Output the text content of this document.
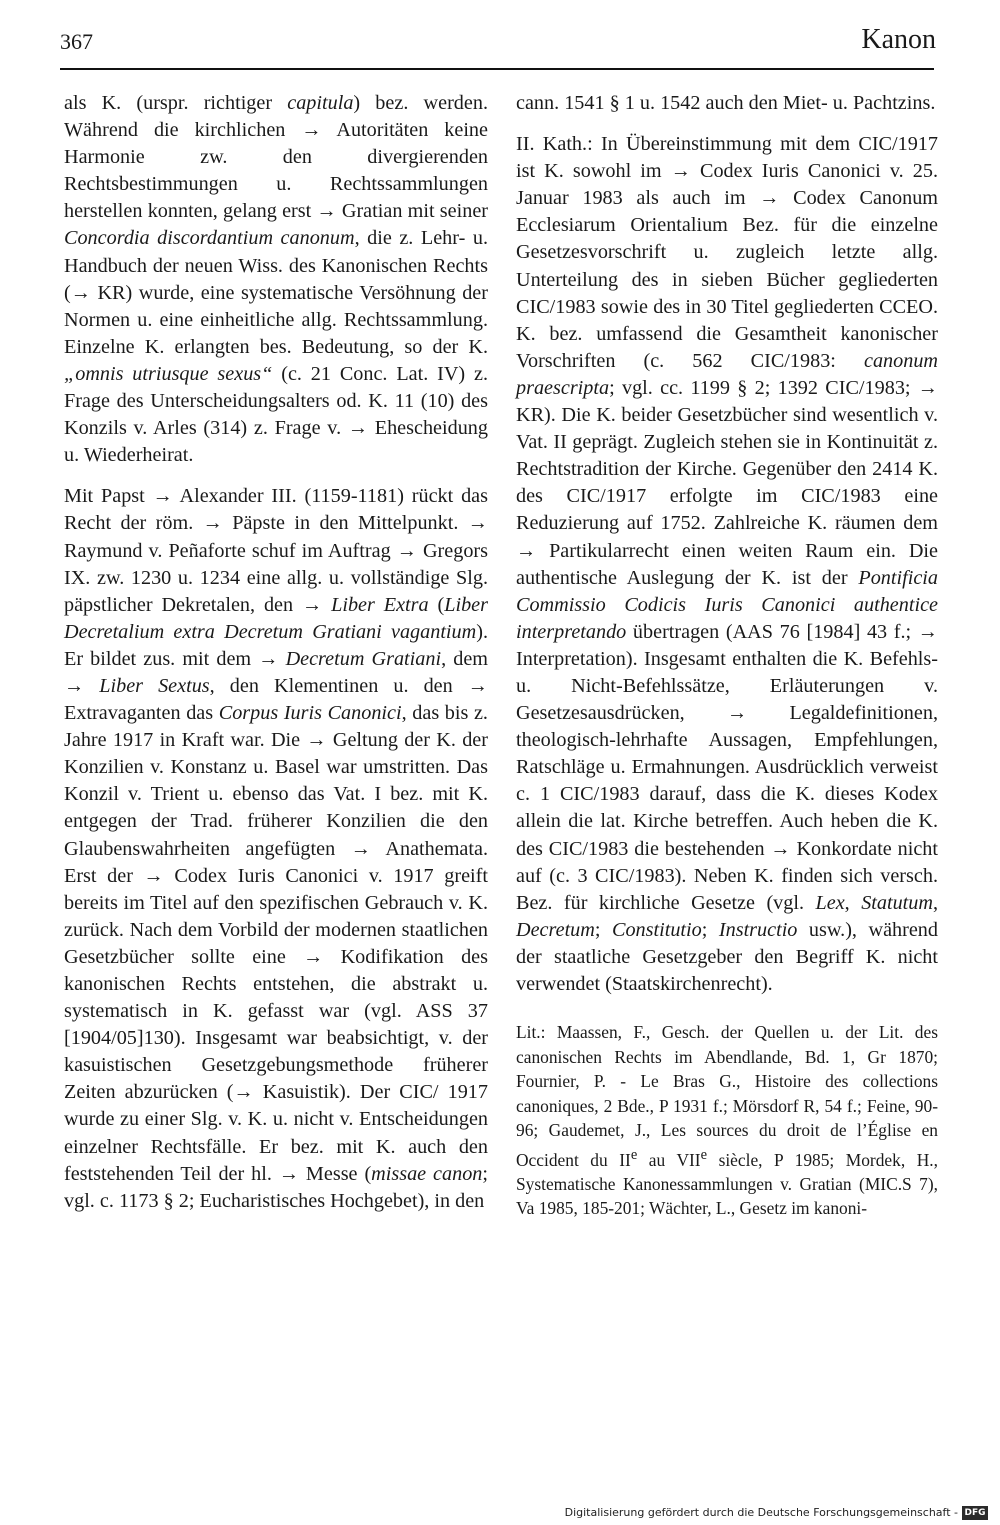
367	Kanon

als K. (urspr. richtiger capitula) bez. werden. Während die kirchlichen → Autoritäten keine Harmonie zw. den divergierenden Rechtsbestimmungen u. Rechtssammlungen herstellen konnten, gelang erst → Gratian mit seiner Concordia discordantium canonum, die z. Lehr- u. Handbuch der neuen Wiss. des Kanonischen Rechts (→ KR) wurde, eine systematische Versöhnung der Normen u. eine einheitliche allg. Rechtssammlung. Einzelne K. erlangten bes. Bedeutung, so der K. „omnis utriusque sexus“ (c. 21 Conc. Lat. IV) z. Frage des Unterscheidungsalters od. K. 11 (10) des Konzils v. Arles (314) z. Frage v. → Ehescheidung u. Wiederheirat.

Mit Papst → Alexander III. (1159-1181) rückt das Recht der röm. → Päpste in den Mittelpunkt. → Raymund v. Peñaforte schuf im Auftrag → Gregors IX. zw. 1230 u. 1234 eine allg. u. vollständige Slg. päpstlicher Dekretalen, den → Liber Extra (Liber Decretalium extra Decretum Gratiani vagantium). Er bildet zus. mit dem → Decretum Gratiani, dem → Liber Sextus, den Klementinen u. den → Extravaganten das Corpus Iuris Canonici, das bis z. Jahre 1917 in Kraft war. Die → Geltung der K. der Konzilien v. Konstanz u. Basel war umstritten. Das Konzil v. Trient u. ebenso das Vat. I bez. mit K. entgegen der Trad. früherer Konzilien die den Glaubenswahrheiten angefügten → Anathemata. Erst der → Codex Iuris Canonici v. 1917 greift bereits im Titel auf den spezifischen Gebrauch v. K. zurück. Nach dem Vorbild der modernen staatlichen Gesetzbücher sollte eine → Kodifikation des kanonischen Rechts entstehen, die abstrakt u. systematisch in K. gefasst war (vgl. ASS 37 [1904/05]130). Insgesamt war beabsichtigt, v. der kasuistischen Gesetzgebungsmethode früherer Zeiten abzurücken (→ Kasuistik). Der CIC/ 1917 wurde zu einer Slg. v. K. u. nicht v. Entscheidungen einzelner Rechtsfälle. Er bez. mit K. auch den feststehenden Teil der hl. → Messe (missae canon; vgl. c. 1173 § 2; Eucharistisches Hochgebet), in den

cann. 1541 § 1 u. 1542 auch den Miet- u. Pachtzins.

II. Kath.: In Übereinstimmung mit dem CIC/1917 ist K. sowohl im → Codex Iuris Canonici v. 25. Januar 1983 als auch im → Codex Canonum Ecclesiarum Orientalium Bez. für die einzelne Gesetzesvorschrift u. zugleich letzte allg. Unterteilung des in sieben Bücher gegliederten CIC/1983 sowie des in 30 Titel gegliederten CCEO. K. bez. umfassend die Gesamtheit kanonischer Vorschriften (c. 562 CIC/1983: canonum praescripta; vgl. cc. 1199 § 2; 1392 CIC/1983; → KR). Die K. beider Gesetzbücher sind wesentlich v. Vat. II geprägt. Zugleich stehen sie in Kontinuität z. Rechtstradition der Kirche. Gegenüber den 2414 K. des CIC/1917 erfolgte im CIC/1983 eine Reduzierung auf 1752. Zahlreiche K. räumen dem → Partikularrecht einen weiten Raum ein. Die authentische Auslegung der K. ist der Pontificia Commissio Codicis Iuris Canonici authentice interpretando übertragen (AAS 76 [1984] 43 f.; → Interpretation). Insgesamt enthalten die K. Befehls- u. Nicht-Befehlssätze, Erläuterungen v. Gesetzesausdrücken, → Legaldefinitionen, theologisch-lehrhafte Aussagen, Empfehlungen, Ratschläge u. Ermahnungen. Ausdrücklich verweist c. 1 CIC/1983 darauf, dass die K. dieses Kodex allein die lat. Kirche betreffen. Auch heben die K. des CIC/1983 die bestehenden → Konkordate nicht auf (c. 3 CIC/1983). Neben K. finden sich versch. Bez. für kirchliche Gesetze (vgl. Lex, Statutum, Decretum; Constitutio; Instructio usw.), während der staatliche Gesetzgeber den Begriff K. nicht verwendet (Staatskirchenrecht).

Lit.: Maassen, F., Gesch. der Quellen u. der Lit. des canonischen Rechts im Abendlande, Bd. 1, Gr 1870; Fournier, P. - Le Bras G., Histoire des collections canoniques, 2 Bde., P 1931 f.; Mörsdorf R, 54 f.; Feine, 90-96; Gaudemet, J., Les sources du droit de l’Église en Occident du IIe au VIIe siècle, P 1985; Mordek, H., Systematische Kanonessammlungen v. Gratian (MIC.S 7), Va 1985, 185-201; Wächter, L., Gesetz im kanoni-

Digitalisierung gefördert durch die Deutsche Forschungsgemeinschaft - DFG
